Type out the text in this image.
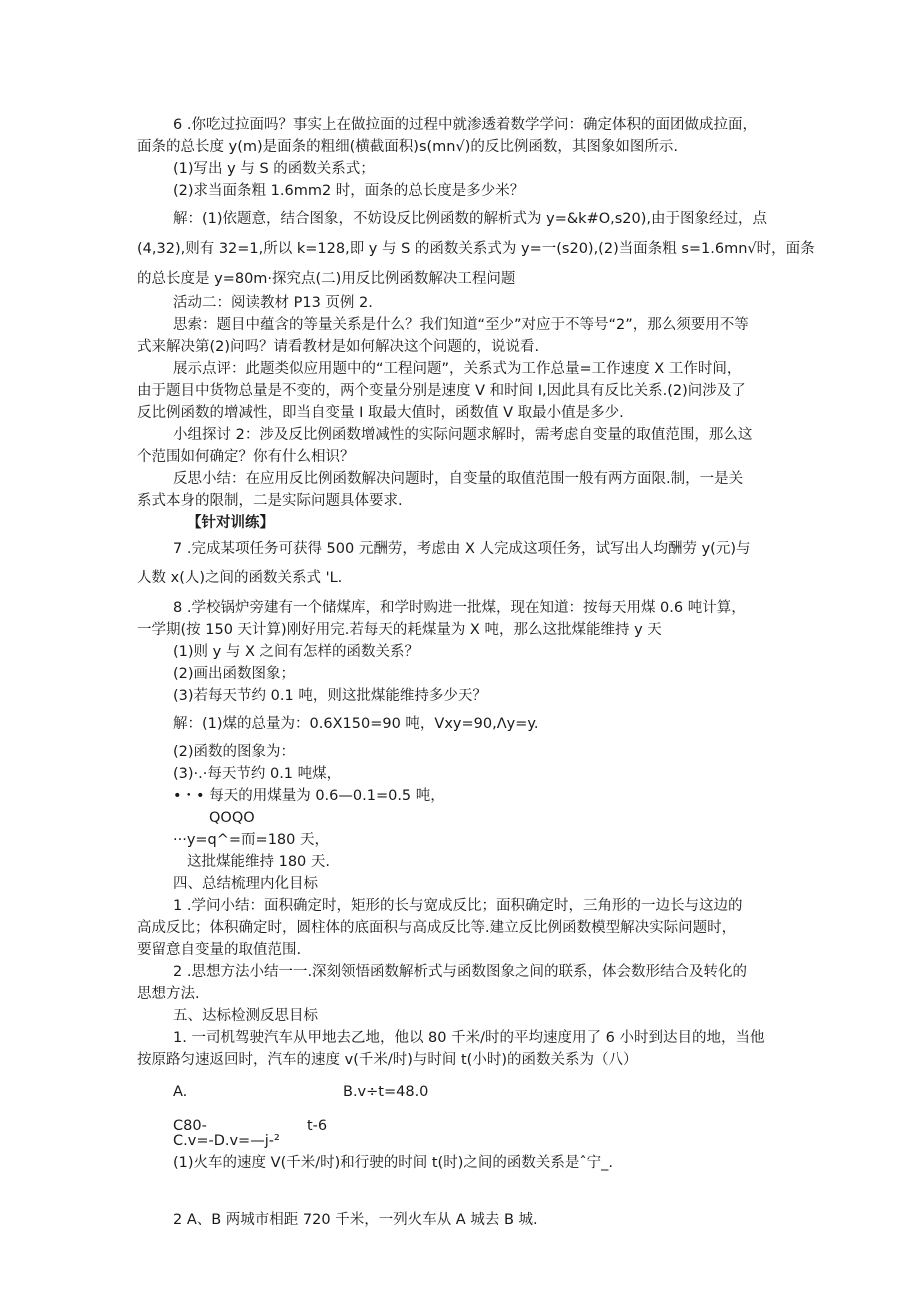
6 .你吃过拉面吗？事实上在做拉面的过程中就渗透着数学学问：确定体积的面团做成拉面，
面条的总长度 y(m)是面条的粗细(横截面积)s(mn√)的反比例函数，其图象如图所示.
(1)写出 y 与 S 的函数关系式；
(2)求当面条粗 1.6mm2 时，面条的总长度是多少米？
解：(1)依题意，结合图象，不妨设反比例函数的解析式为 y=&k#O,s20),由于图象经过，点
(4,32),则有 32=1,所以 k=128,即 y 与 S 的函数关系式为 y=一(s20),(2)当面条粗 s=1.6mn√时，面条
的总长度是 y=80m·探究点(二)用反比例函数解决工程问题
活动二：阅读教材 P13 页例 2.
思索：题目中蕴含的等量关系是什么？我们知道“至少”对应于不等号“2”，那么须要用不等
式来解决第(2)问吗？请看教材是如何解决这个问题的，说说看.
展示点评：此题类似应用题中的“工程问题”，关系式为工作总量=工作速度 X 工作时间，
由于题目中货物总量是不变的，两个变量分别是速度 V 和时间 I,因此具有反比关系.(2)问涉及了
反比例函数的增减性，即当自变量 I 取最大值时，函数值 V 取最小值是多少.
小组探讨 2：涉及反比例函数增减性的实际问题求解时，需考虑自变量的取值范围，那么这
个范围如何确定？你有什么相识？
反思小结：在应用反比例函数解决问题时，自变量的取值范围一般有两方面限.制，一是关
系式本身的限制，二是实际问题具体要求.
【针对训练】
7 .完成某项任务可获得 500 元酬劳，考虑由 X 人完成这项任务，试写出人均酬劳 y(元)与
人数 x(人)之间的函数关系式 'L.
8 .学校锅炉旁建有一个储煤库，和学时购进一批煤，现在知道：按每天用煤 0.6 吨计算，
一学期(按 150 天计算)刚好用完.若每天的耗煤量为 X 吨，那么这批煤能维持 y 天
(1)则 y 与 X 之间有怎样的函数关系？
(2)画出函数图象；
(3)若每天节约 0.1 吨，则这批煤能维持多少天？
解：(1)煤的总量为：0.6X150=90 吨，Vxy=90,Λy=y.
(2)函数的图象为：
(3)·.·每天节约 0.1 吨煤，
•・• 每天的用煤量为 0.6—0.1=0.5 吨，
QOQO
···y=q^=而=180 天，
这批煤能维持 180 天.
四、总结梳理内化目标
1 .学问小结：面积确定时，矩形的长与宽成反比；面积确定时，三角形的一边长与这边的
高成反比；体积确定时，圆柱体的底面积与高成反比等.建立反比例函数模型解决实际问题时，
要留意自变量的取值范围.
2 .思想方法小结一一.深刻领悟函数解析式与函数图象之间的联系，体会数形结合及转化的
思想方法.
五、达标检测反思目标
1. 一司机驾驶汽车从甲地去乙地，他以 80 千米/时的平均速度用了 6 小时到达目的地，当他
按原路匀速返回时，汽车的速度 v(千米/时)与时间 t(小时)的函数关系为（八）
A.	B.v÷t=48.0
C80-	t-6
C.v=-D.v=—j-²
(1)火车的速度 V(千米/时)和行驶的时间 t(时)之间的函数关系是ˆ宁_.
2 A、B 两城市相距 720 千米，一列火车从 A 城去 B 城.
